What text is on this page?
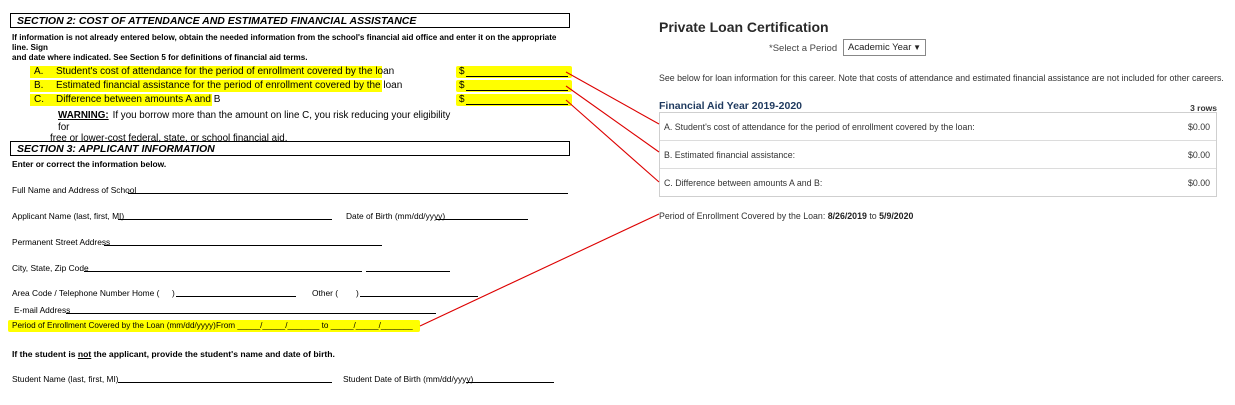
SECTION 2: COST OF ATTENDANCE AND ESTIMATED FINANCIAL ASSISTANCE
If information is not already entered below, obtain the needed information from the school's financial aid office and enter it on the appropriate line. Sign
and date where indicated. See Section 5 for definitions of financial aid terms.
A. Student's cost of attendance for the period of enrollment covered by the loan	$
B. Estimated financial assistance for the period of enrollment covered by the loan	$
C. Difference between amounts A and B	$
WARNING: If you borrow more than the amount on line C, you risk reducing your eligibility for
free or lower-cost federal, state, or school financial aid.
SECTION 3: APPLICANT INFORMATION
Enter or correct the information below.
Full Name and Address of School
Applicant Name (last, first, MI)	Date of Birth (mm/dd/yyyy)
Permanent Street Address
City, State, Zip Code
Area Code / Telephone Number Home ( )	Other ( )
E-mail Address
Period of Enrollment Covered by the Loan (mm/dd/yyyy) From _____/_____/_______ to _____/_____/_______
If the student is not the applicant, provide the student's name and date of birth.
Student Name (last, first, MI)	Student Date of Birth (mm/dd/yyyy)
Private Loan Certification
*Select a Period	Academic Year ▼
See below for loan information for this career. Note that costs of attendance and estimated financial assistance are not included for other careers.
Financial Aid Year 2019-2020	3 rows
A. Student's cost of attendance for the period of enrollment covered by the loan:	$0.00
B. Estimated financial assistance:	$0.00
C. Difference between amounts A and B:	$0.00
Period of Enrollment Covered by the Loan: 8/26/2019 to 5/9/2020
